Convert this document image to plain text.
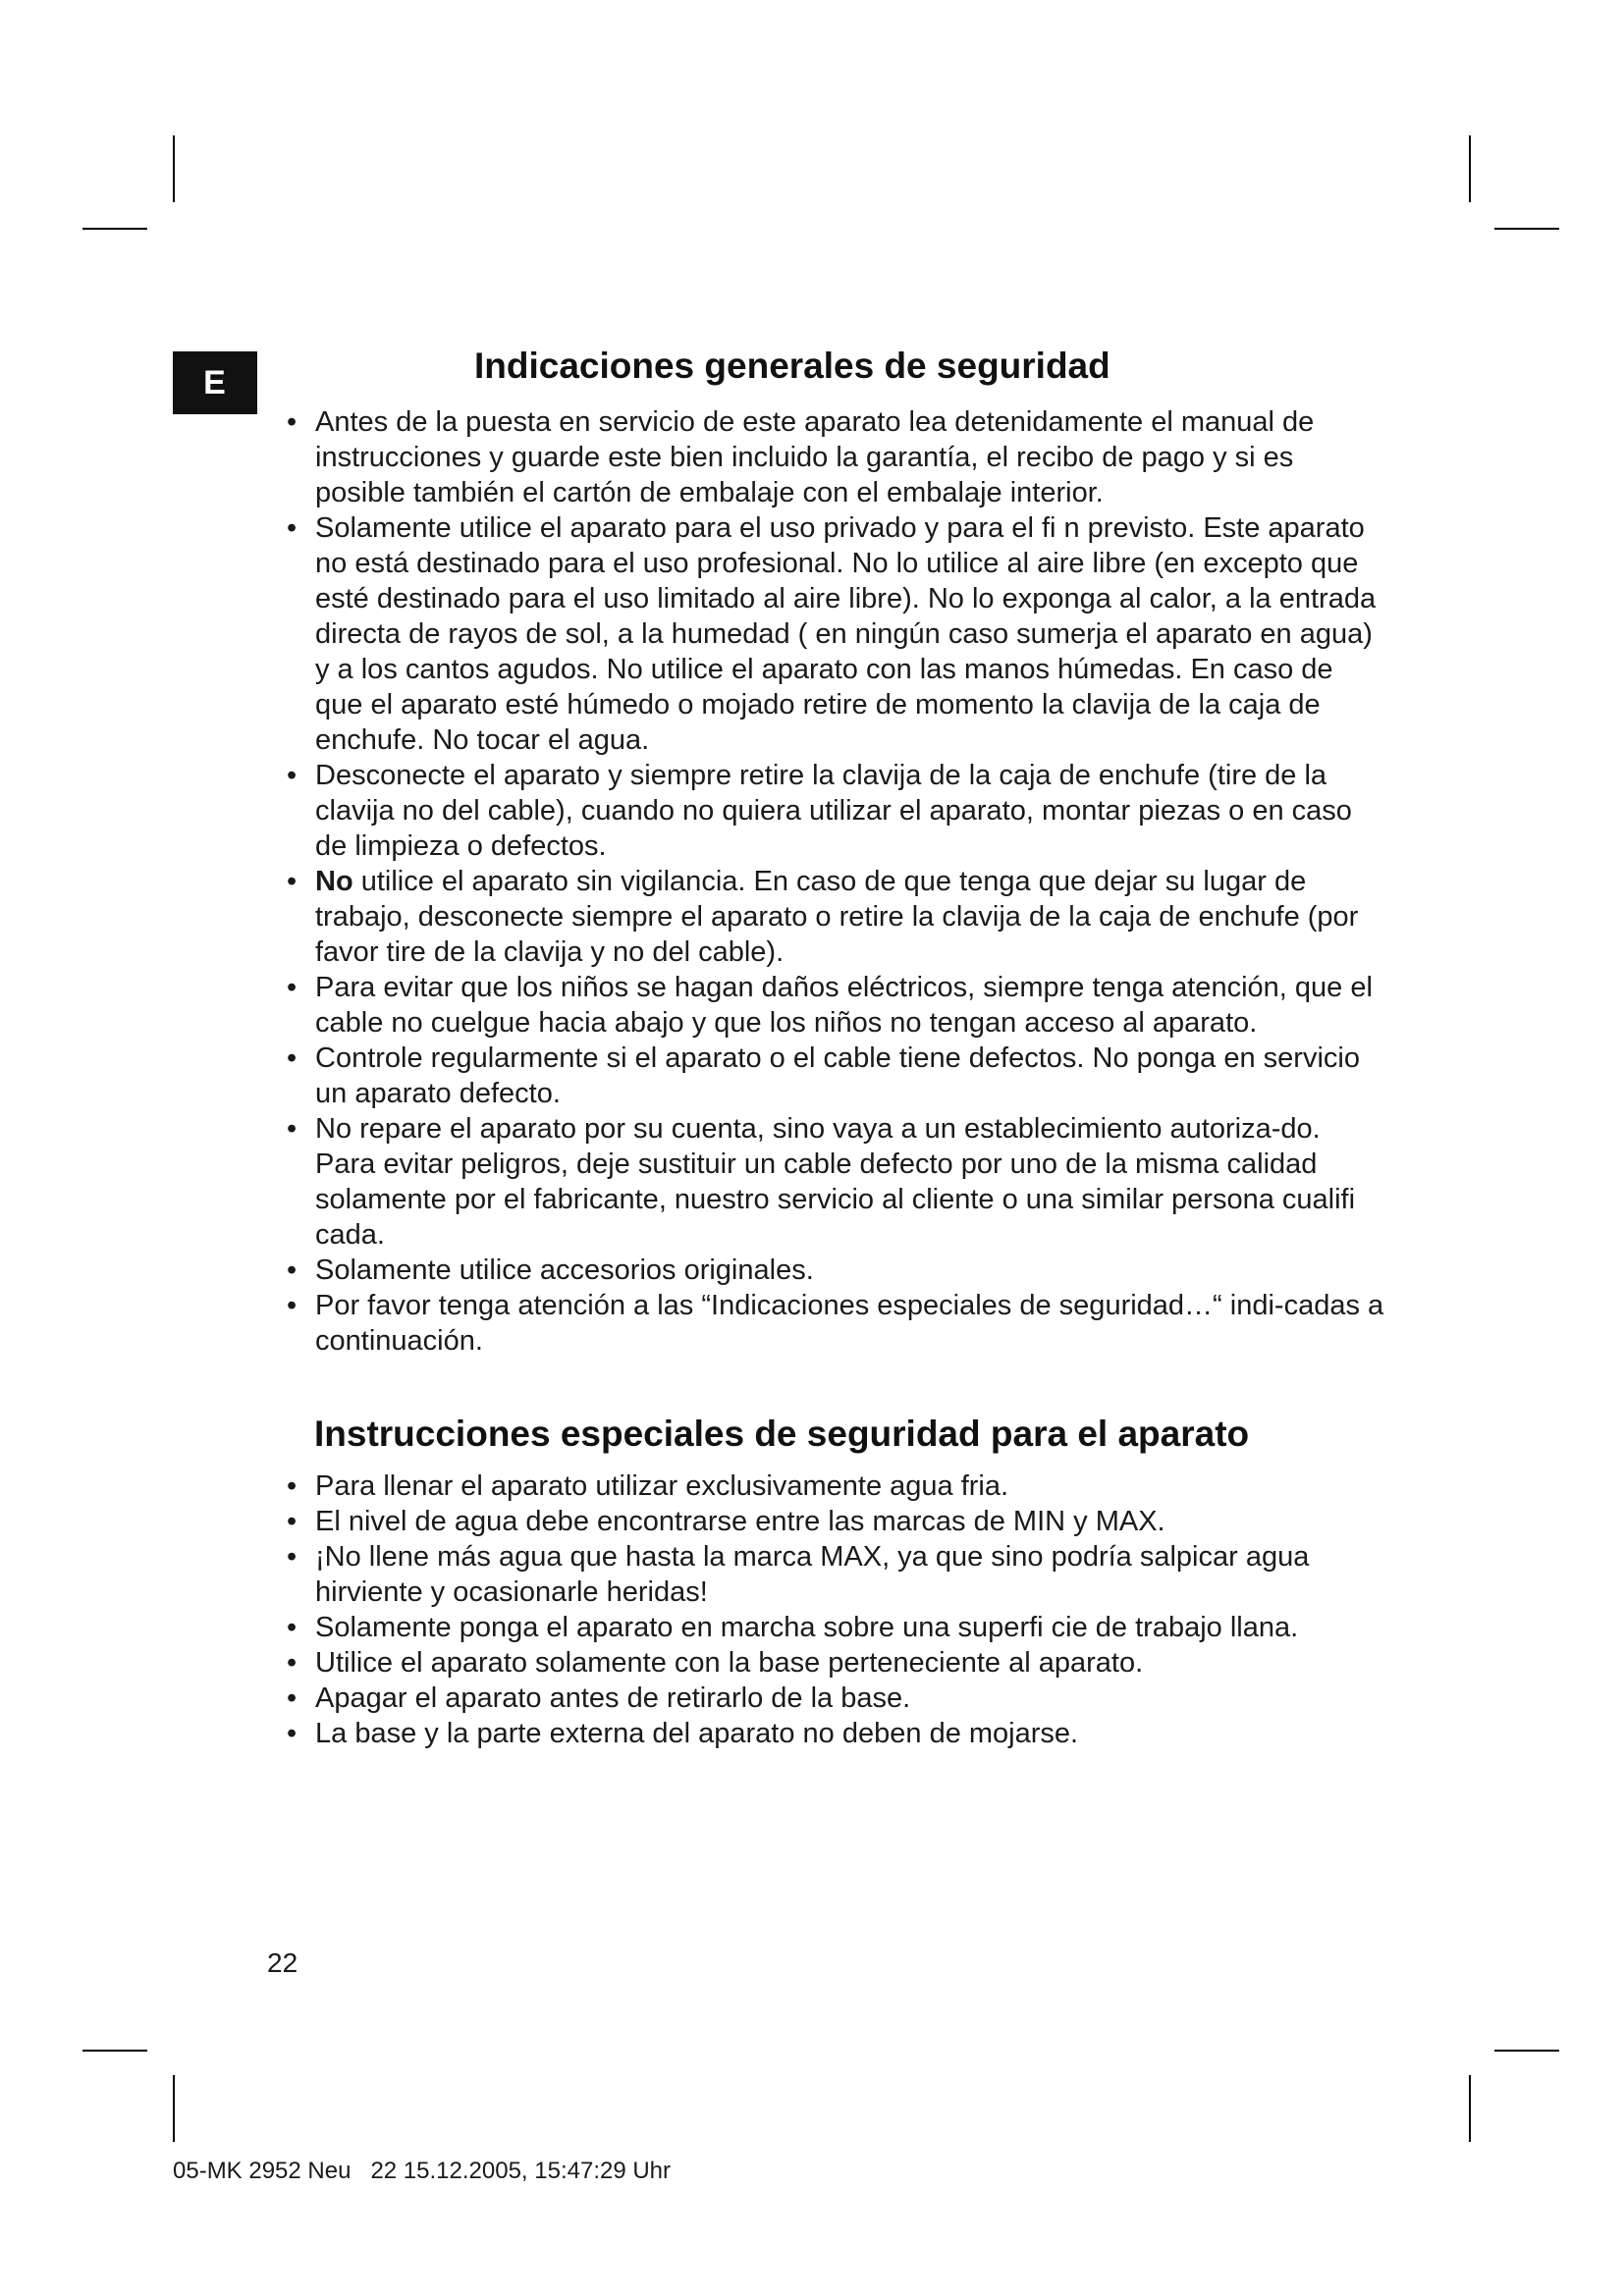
E	Indicaciones generales de seguridad
• Antes de la puesta en servicio de este aparato lea detenidamente el manual de instrucciones y guarde este bien incluido la garantía, el recibo de pago y si es posible también el cartón de embalaje con el embalaje interior.
• Solamente utilice el aparato para el uso privado y para el fi n previsto. Este aparato no está destinado para el uso profesional. No lo utilice al aire libre (en excepto que esté destinado para el uso limitado al aire libre). No lo exponga al calor, a la entrada directa de rayos de sol, a la humedad ( en ningún caso sumerja el aparato en agua) y a los cantos agudos. No utilice el aparato con las manos húmedas. En caso de que el aparato esté húmedo o mojado retire de momento la clavija de la caja de enchufe. No tocar el agua.
• Desconecte el aparato y siempre retire la clavija de la caja de enchufe (tire de la clavija no del cable), cuando no quiera utilizar el aparato, montar piezas o en caso de limpieza o defectos.
• No utilice el aparato sin vigilancia. En caso de que tenga que dejar su lugar de trabajo, desconecte siempre el aparato o retire la clavija de la caja de enchufe (por favor tire de la clavija y no del cable).
• Para evitar que los niños se hagan daños eléctricos, siempre tenga atención, que el cable no cuelgue hacia abajo y que los niños no tengan acceso al aparato.
• Controle regularmente si el aparato o el cable tiene defectos. No ponga en servicio un aparato defecto.
• No repare el aparato por su cuenta, sino vaya a un establecimiento autoriza-do. Para evitar peligros, deje sustituir un cable defecto por uno de la misma calidad solamente por el fabricante, nuestro servicio al cliente o una similar persona cualifi cada.
• Solamente utilice accesorios originales.
• Por favor tenga atención a las “Indicaciones especiales de seguridad…“ indi-cadas a continuación.
Instrucciones especiales de seguridad para el aparato
• Para llenar el aparato utilizar exclusivamente agua fria.
• El nivel de agua debe encontrarse entre las marcas de MIN y MAX.
• ¡No llene más agua que hasta la marca MAX, ya que sino podría salpicar agua hirviente y ocasionarle heridas!
• Solamente ponga el aparato en marcha sobre una superfi cie de trabajo llana.
• Utilice el aparato solamente con la base perteneciente al aparato.
• Apagar el aparato antes de retirarlo de la base.
• La base y la parte externa del aparato no deben de mojarse.
22
05-MK 2952 Neu   22 15.12.2005, 15:47:29 Uhr
